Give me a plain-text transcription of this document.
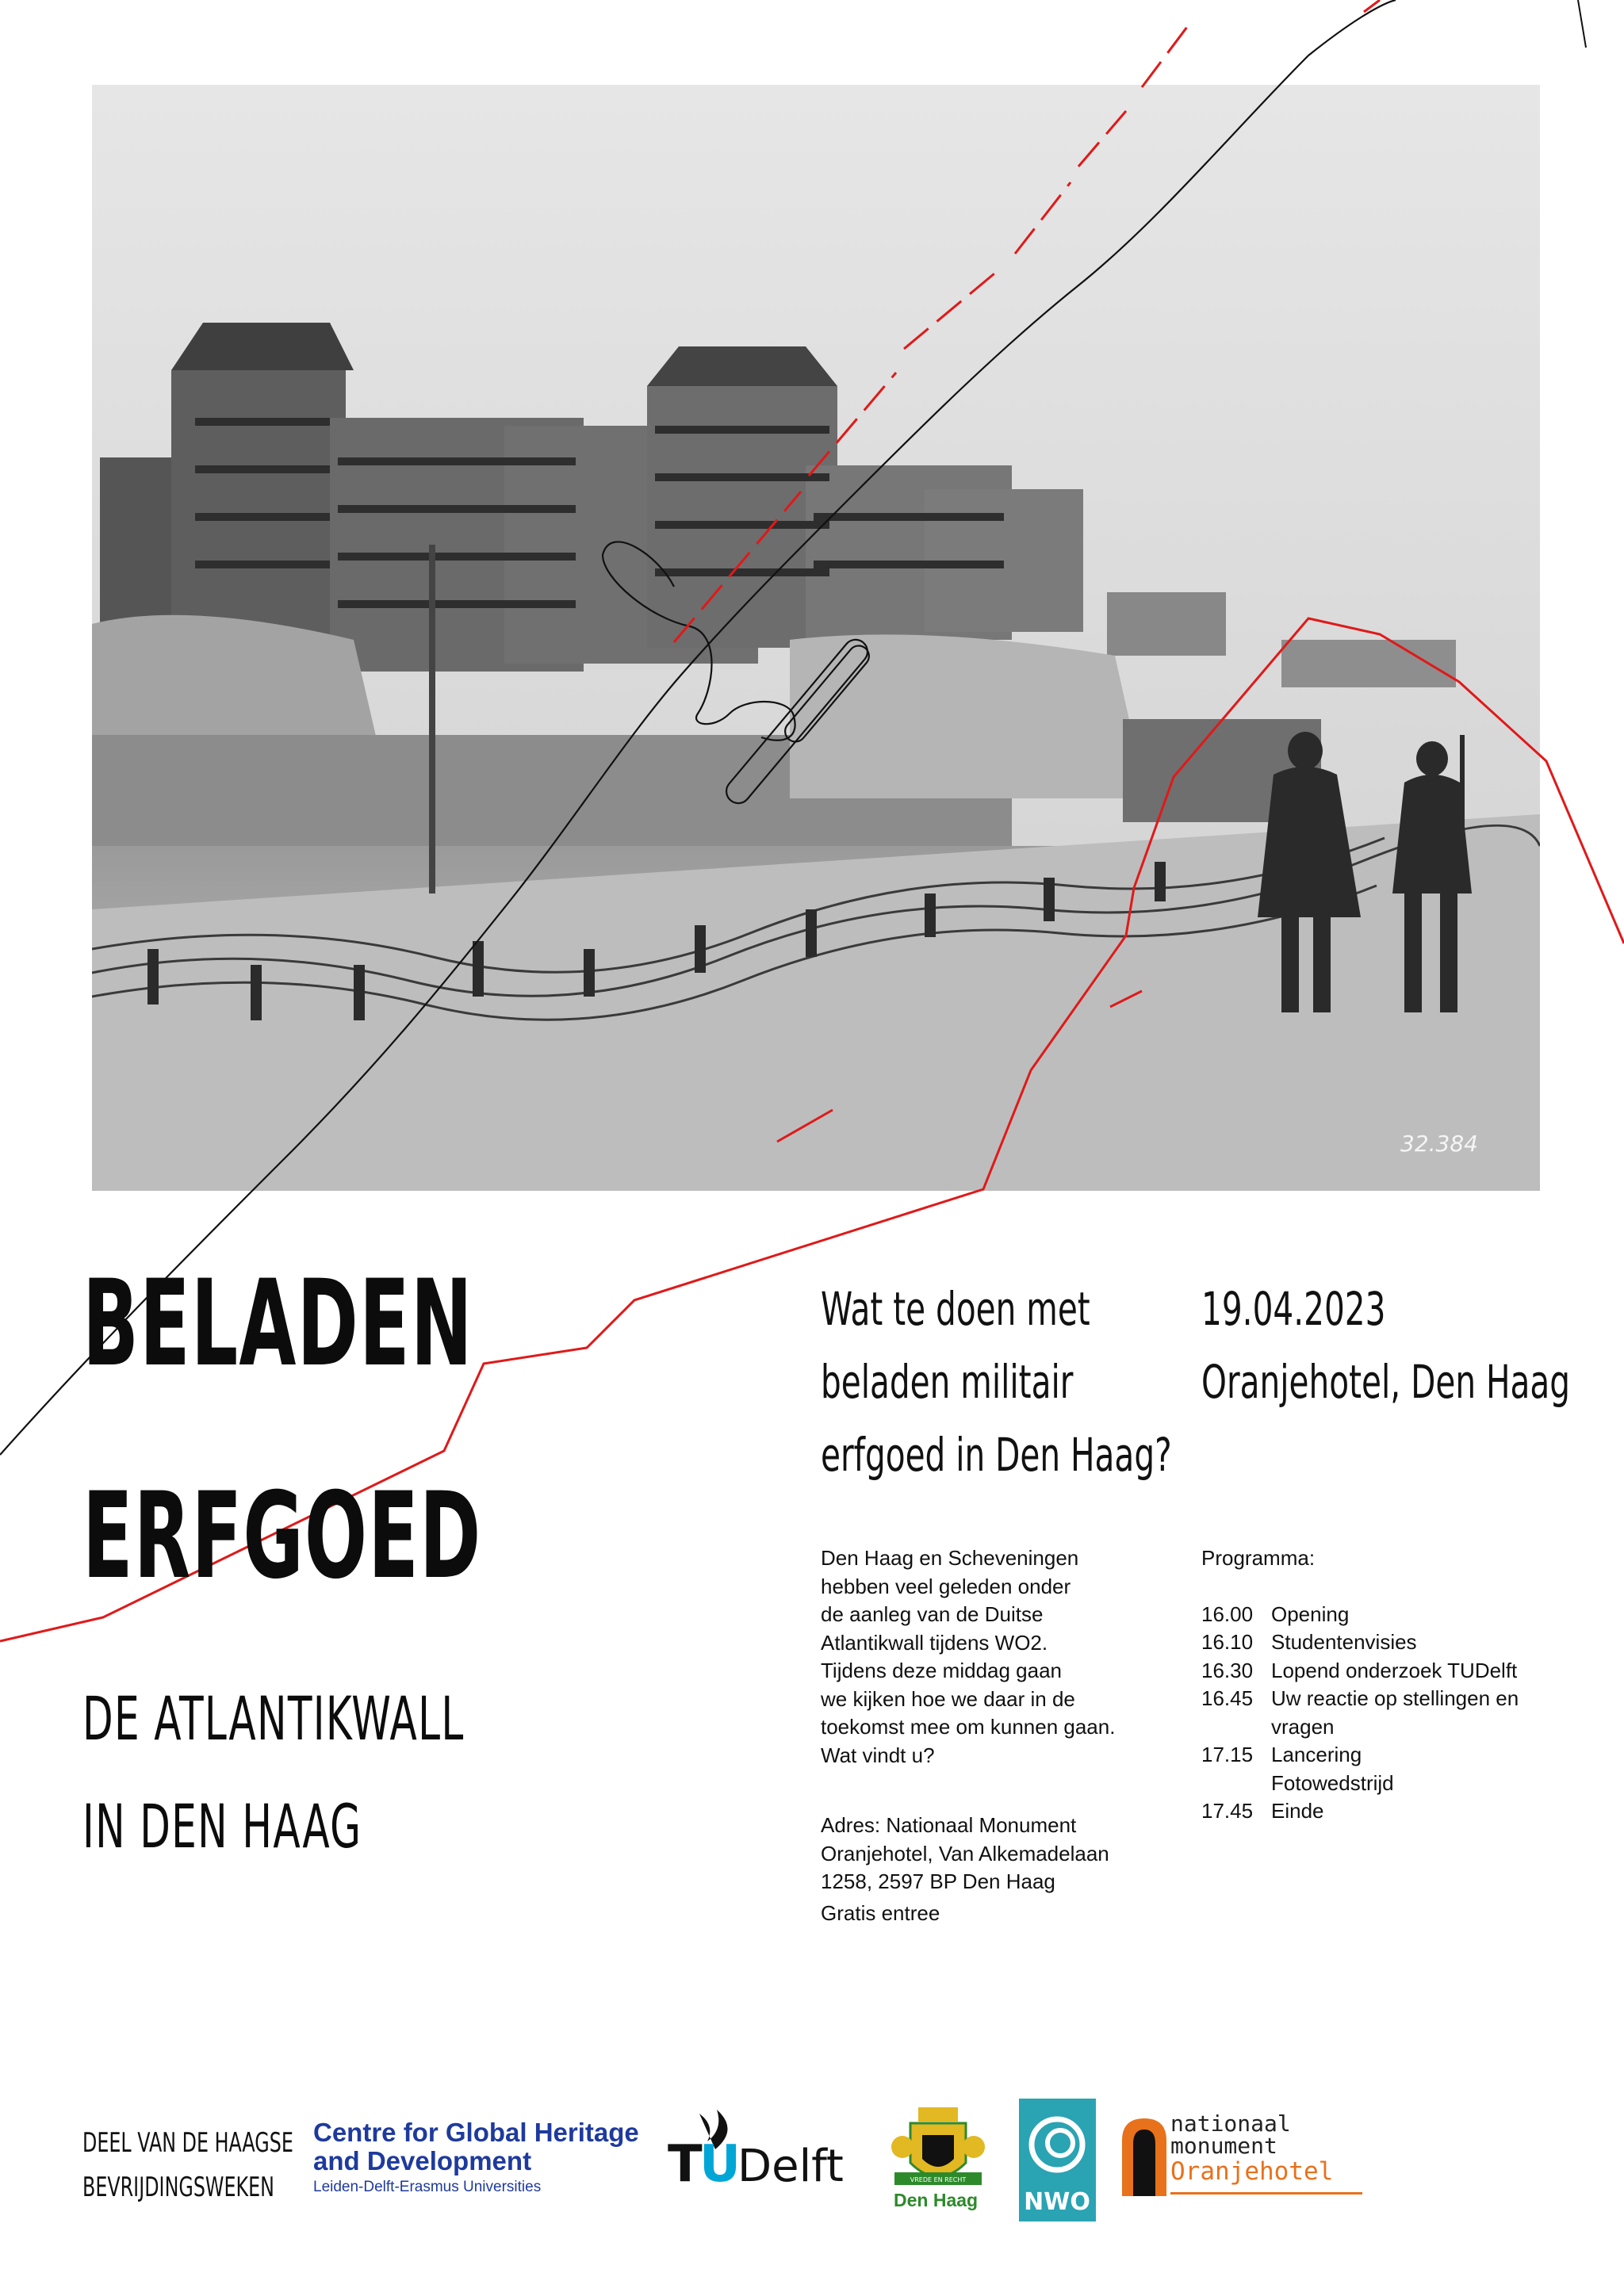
32.384
BELADEN
ERFGOED
DE ATLANTIKWALL
IN DEN HAAG
Wat te doen met
beladen militair
erfgoed in Den Haag?
19.04.2023
Oranjehotel, Den Haag

Den Haag en Scheveningen

hebben veel geleden onder

de aanleg van de Duitse

Atlantikwall tijdens WO2.

Tijdens deze middag gaan

we kijken hoe we daar in de

toekomst mee om kunnen gaan.

Wat vindt u?

Adres: Nationaal Monument

Oranjehotel, Van Alkemadelaan

1258, 2597 BP Den Haag

Gratis entree
Programma:
16.00 Opening
16.10 Studentenvisies
16.30 Lopend onderzoek TUDelft
16.45 Uw reactie op stellingen en vragen
17.15 Lancering Fotowedstrijd
17.45 Einde
DEEL VAN DE HAAGSE
BEVRIJDINGSWEKEN
Centre for Global Heritage
and Development
Leiden-Delft-Erasmus Universities	T
U
Delft	VREDE EN RECHT
Den Haag NWO
nationaal
monument
Oranjehotel
